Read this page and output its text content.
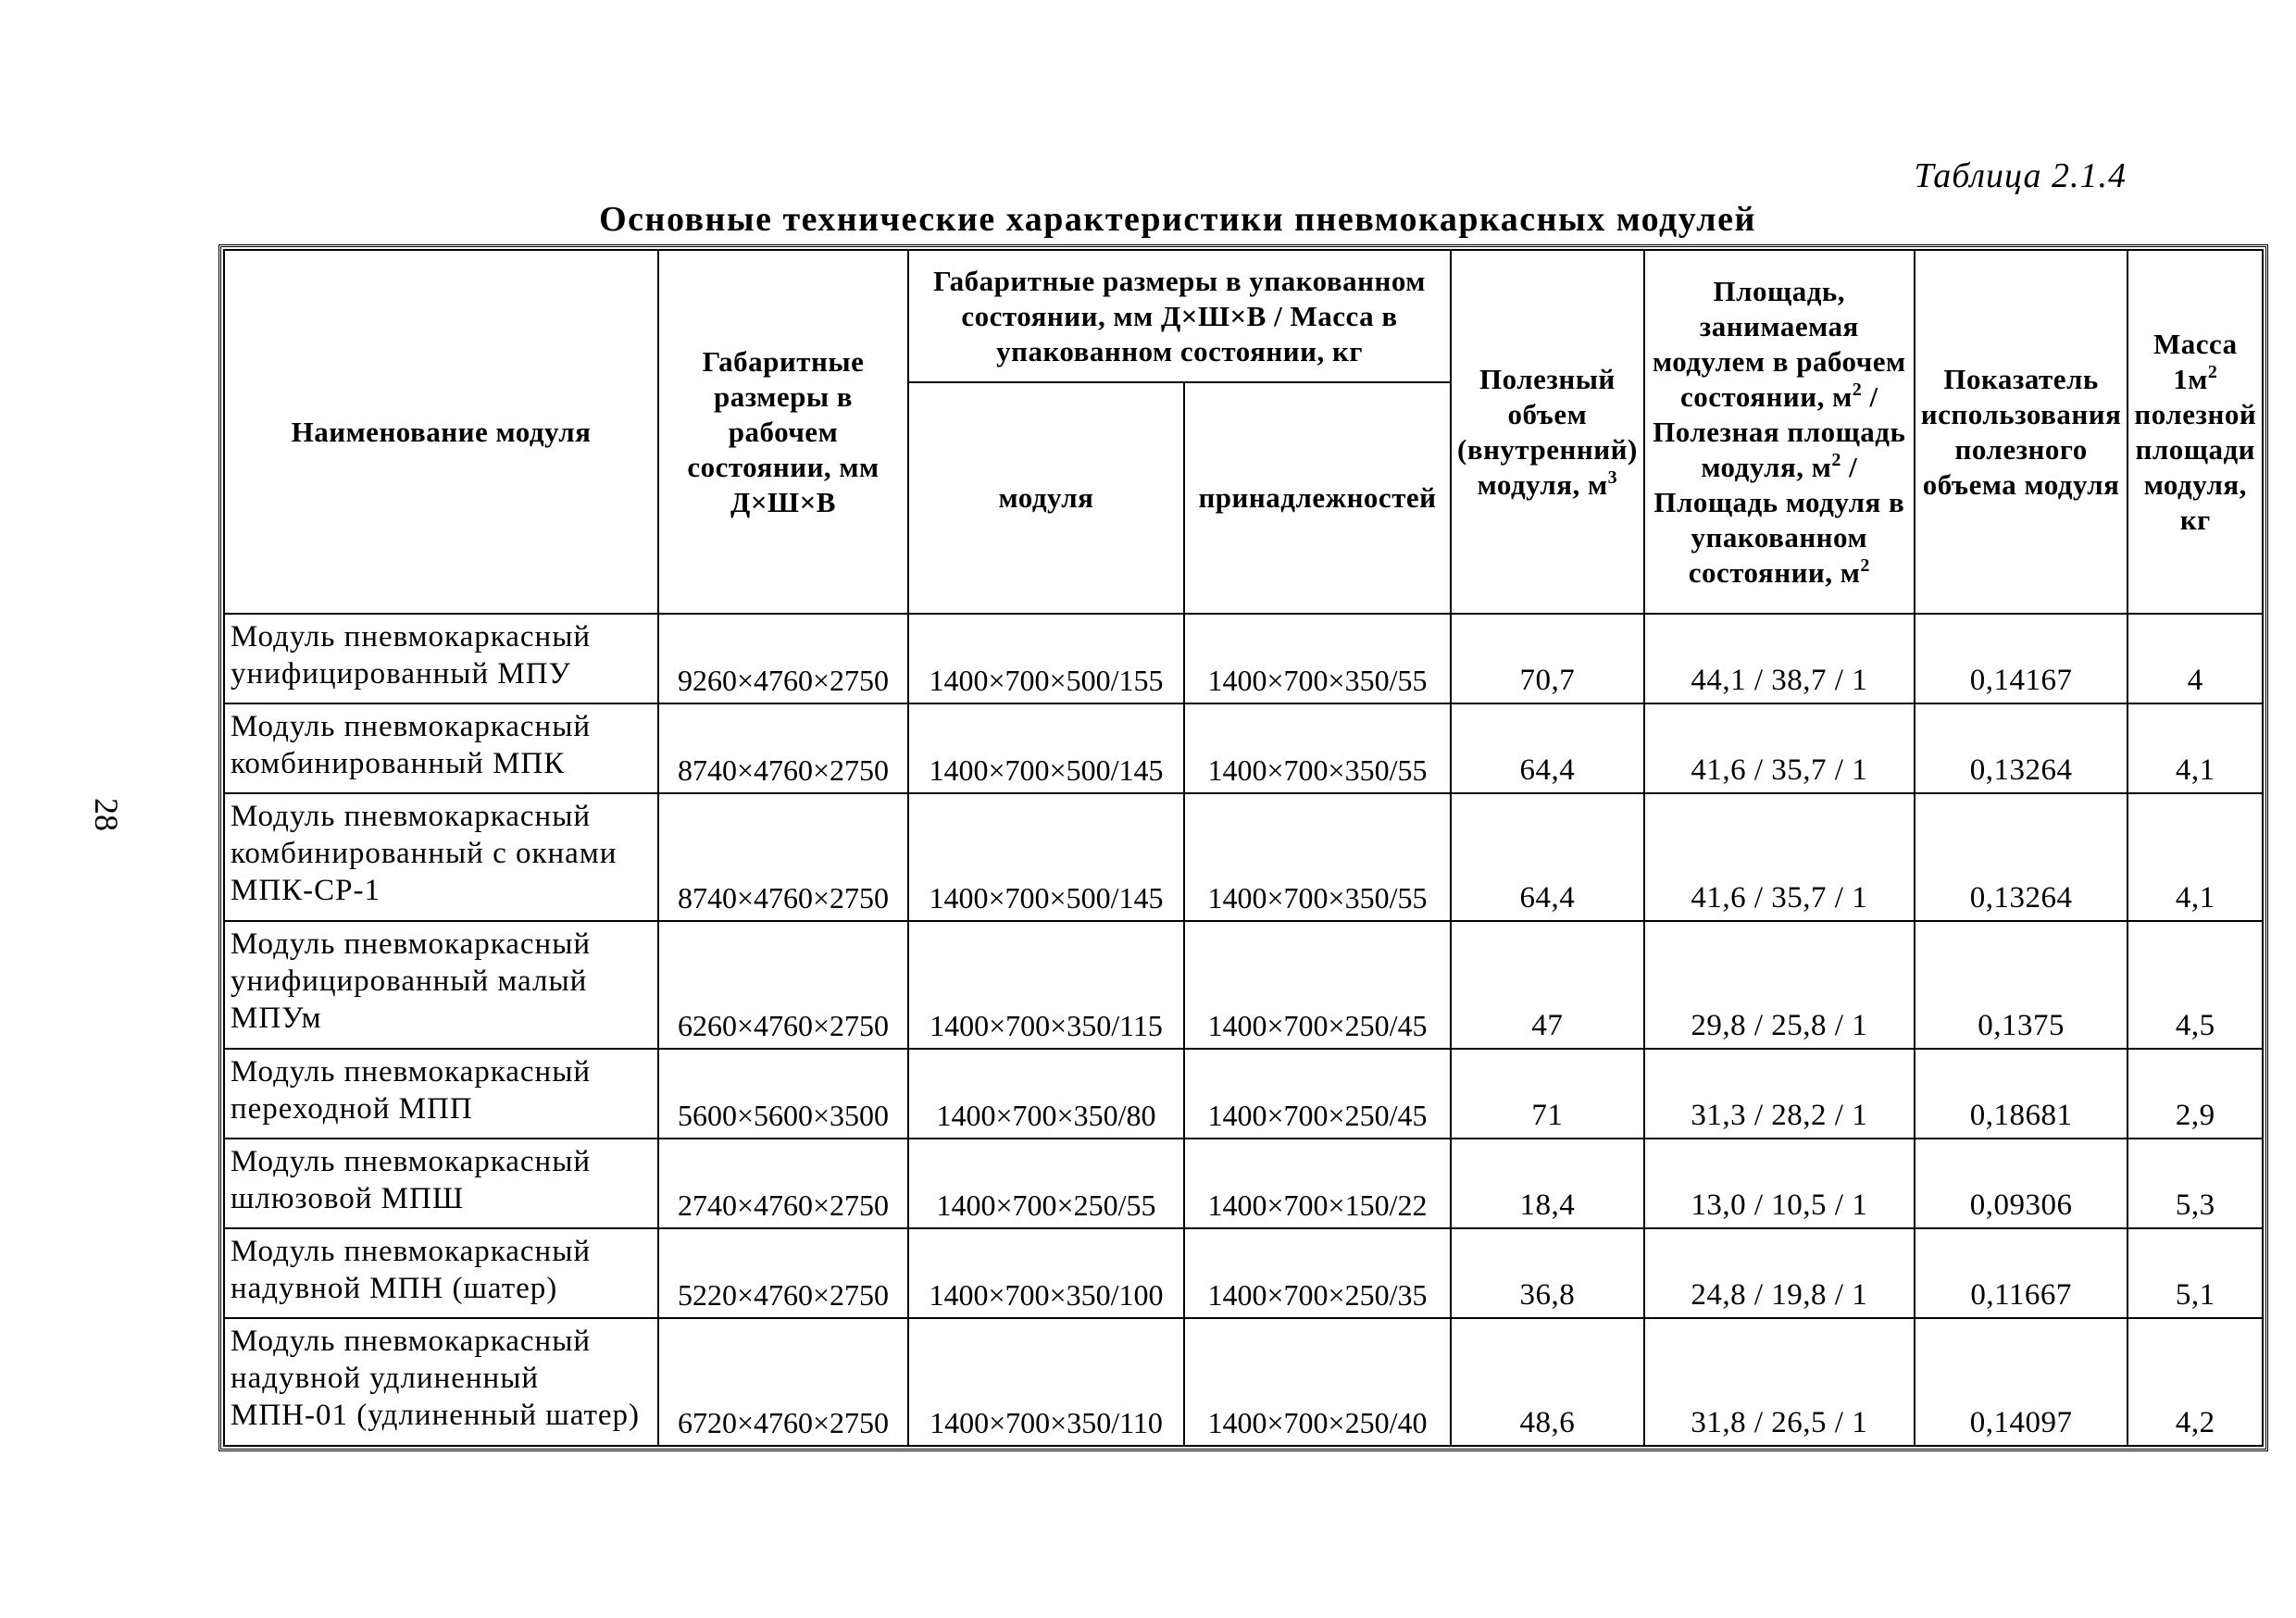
28
Таблица 2.1.4
Основные технические характеристики пневмокаркасных модулей
Наименование модуля	Габаритные размеры в рабочем состоянии, мм Д×Ш×В	Габаритные размеры в упакованном состоянии, мм Д×Ш×В / Масса в упакованном состоянии, кг		Полезный объем (внутренний) модуля, $м^3$	Площадь, занимаемая модулем в рабочем состоянии, $м^2$ / Полезная площадь модуля, $м^2$ / Площадь модуля в упакованном состоянии, $м^2$	Показатель использования полезного объема модуля	Масса $1м^2$ полезной площади модуля, кг
		модуля	принадлежностей				
Модуль пневмокаркасный унифицированный МПУ	9260×4760×2750	1400×700×500/155	1400×700×350/55	70,7	44,1 / 38,7 / 1	0,14167	4
Модуль пневмокаркасный комбинированный МПК	8740×4760×2750	1400×700×500/145	1400×700×350/55	64,4	41,6 / 35,7 / 1	0,13264	4,1
Модуль пневмокаркасный комбинированный с окнами МПК-СР-1	8740×4760×2750	1400×700×500/145	1400×700×350/55	64,4	41,6 / 35,7 / 1	0,13264	4,1
Модуль пневмокаркасный унифицированный малый МПУм	6260×4760×2750	1400×700×350/115	1400×700×250/45	47	29,8 / 25,8 / 1	0,1375	4,5
Модуль пневмокаркасный переходной МПП	5600×5600×3500	1400×700×350/80	1400×700×250/45	71	31,3 / 28,2 / 1	0,18681	2,9
Модуль пневмокаркасный шлюзовой МПШ	2740×4760×2750	1400×700×250/55	1400×700×150/22	18,4	13,0 / 10,5 / 1	0,09306	5,3
Модуль пневмокаркасный надувной МПН (шатер)	5220×4760×2750	1400×700×350/100	1400×700×250/35	36,8	24,8 / 19,8 / 1	0,11667	5,1
Модуль пневмокаркасный надувной удлиненный МПН-01 (удлиненный шатер)	6720×4760×2750	1400×700×350/110	1400×700×250/40	48,6	31,8 / 26,5 / 1	0,14097	4,2
